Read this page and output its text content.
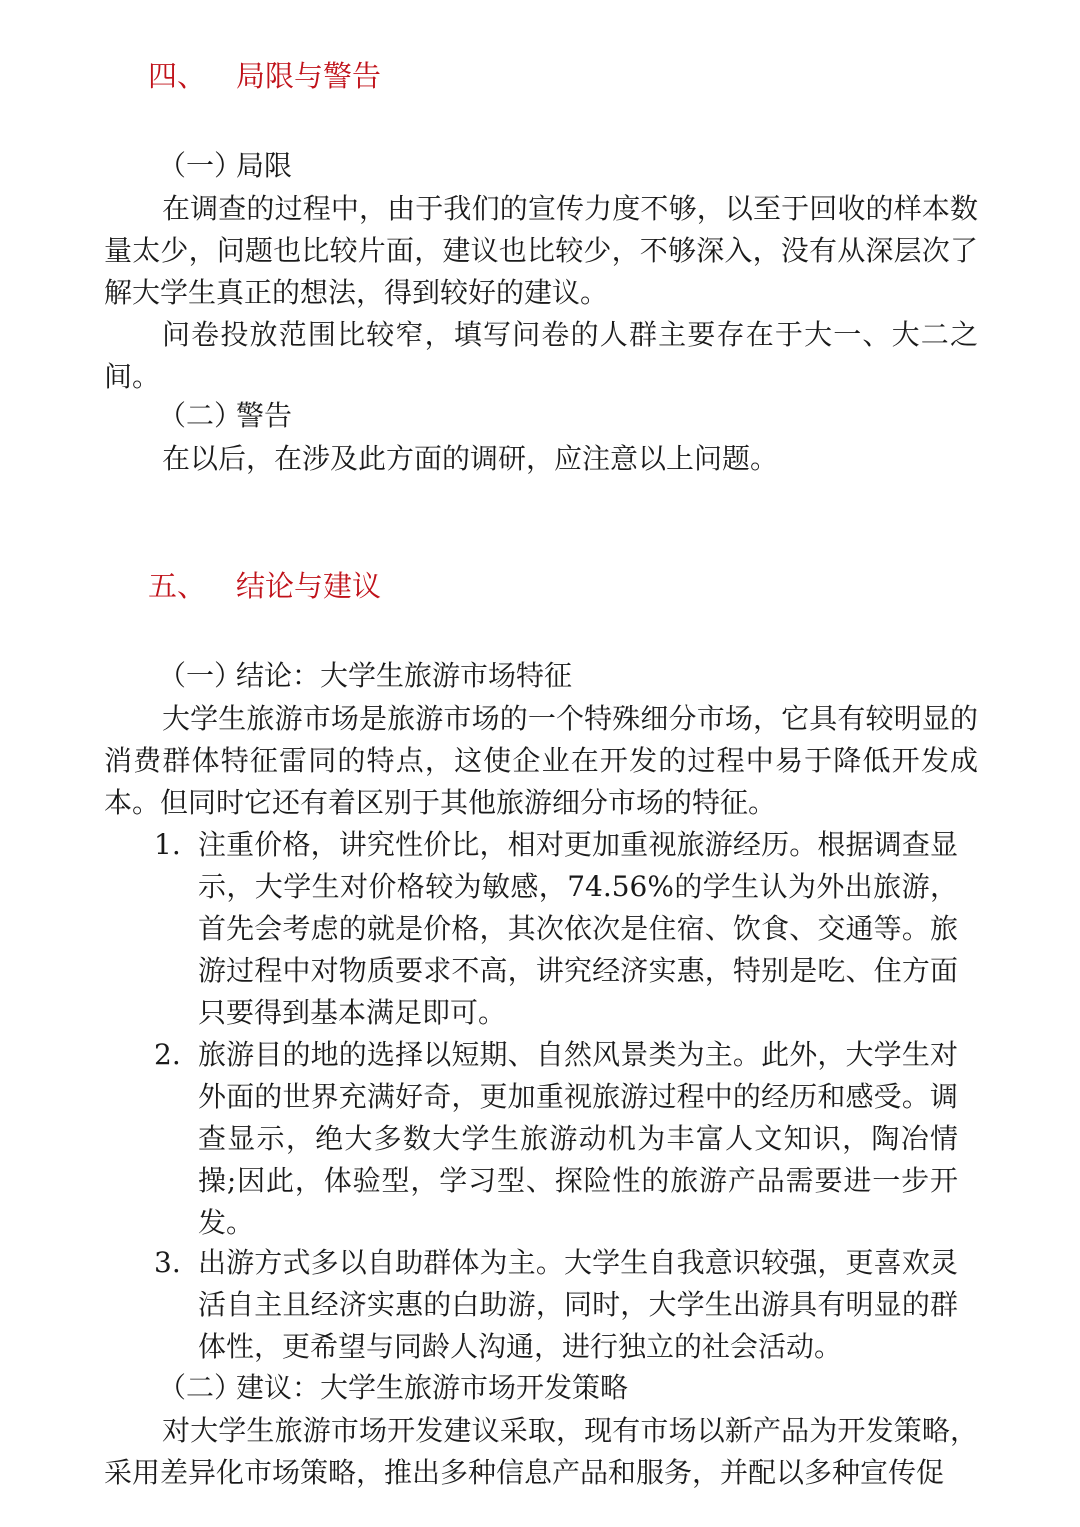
四、 局限与警告
（一）局限

在调查的过程中，由于我们的宣传力度不够，以至于回收的样本数量太少，问题也比较片面，建议也比较少，不够深入，没有从深层次了解大学生真正的想法，得到较好的建议。

问卷投放范围比较窄，填写问卷的人群主要存在于大一、大二之间。

（二）警告

在以后，在涉及此方面的调研，应注意以上问题。

五、 结论与建议
（一）结论：大学生旅游市场特征

大学生旅游市场是旅游市场的一个特殊细分市场，它具有较明显的消费群体特征雷同的特点，这使企业在开发的过程中易于降低开发成本。但同时它还有着区别于其他旅游细分市场的特征。

1. 注重价格，讲究性价比，相对更加重视旅游经历。根据调查显示，大学生对价格较为敏感，74.56%的学生认为外出旅游，首先会考虑的就是价格，其次依次是住宿、饮食、交通等。旅游过程中对物质要求不高，讲究经济实惠，特别是吃、住方面只要得到基本满足即可。
2. 旅游目的地的选择以短期、自然风景类为主。此外，大学生对外面的世界充满好奇，更加重视旅游过程中的经历和感受。调查显示，绝大多数大学生旅游动机为丰富人文知识，陶冶情操;因此，体验型，学习型、探险性的旅游产品需要进一步开发。
3. 出游方式多以自助群体为主。大学生自我意识较强，更喜欢灵活自主且经济实惠的白助游，同时，大学生出游具有明显的群体性，更希望与同龄人沟通，进行独立的社会活动。
（二）建议：大学生旅游市场开发策略

对大学生旅游市场开发建议采取，现有市场以新产品为开发策略，采用差异化市场策略，推出多种信息产品和服务，并配以多种宣传促
